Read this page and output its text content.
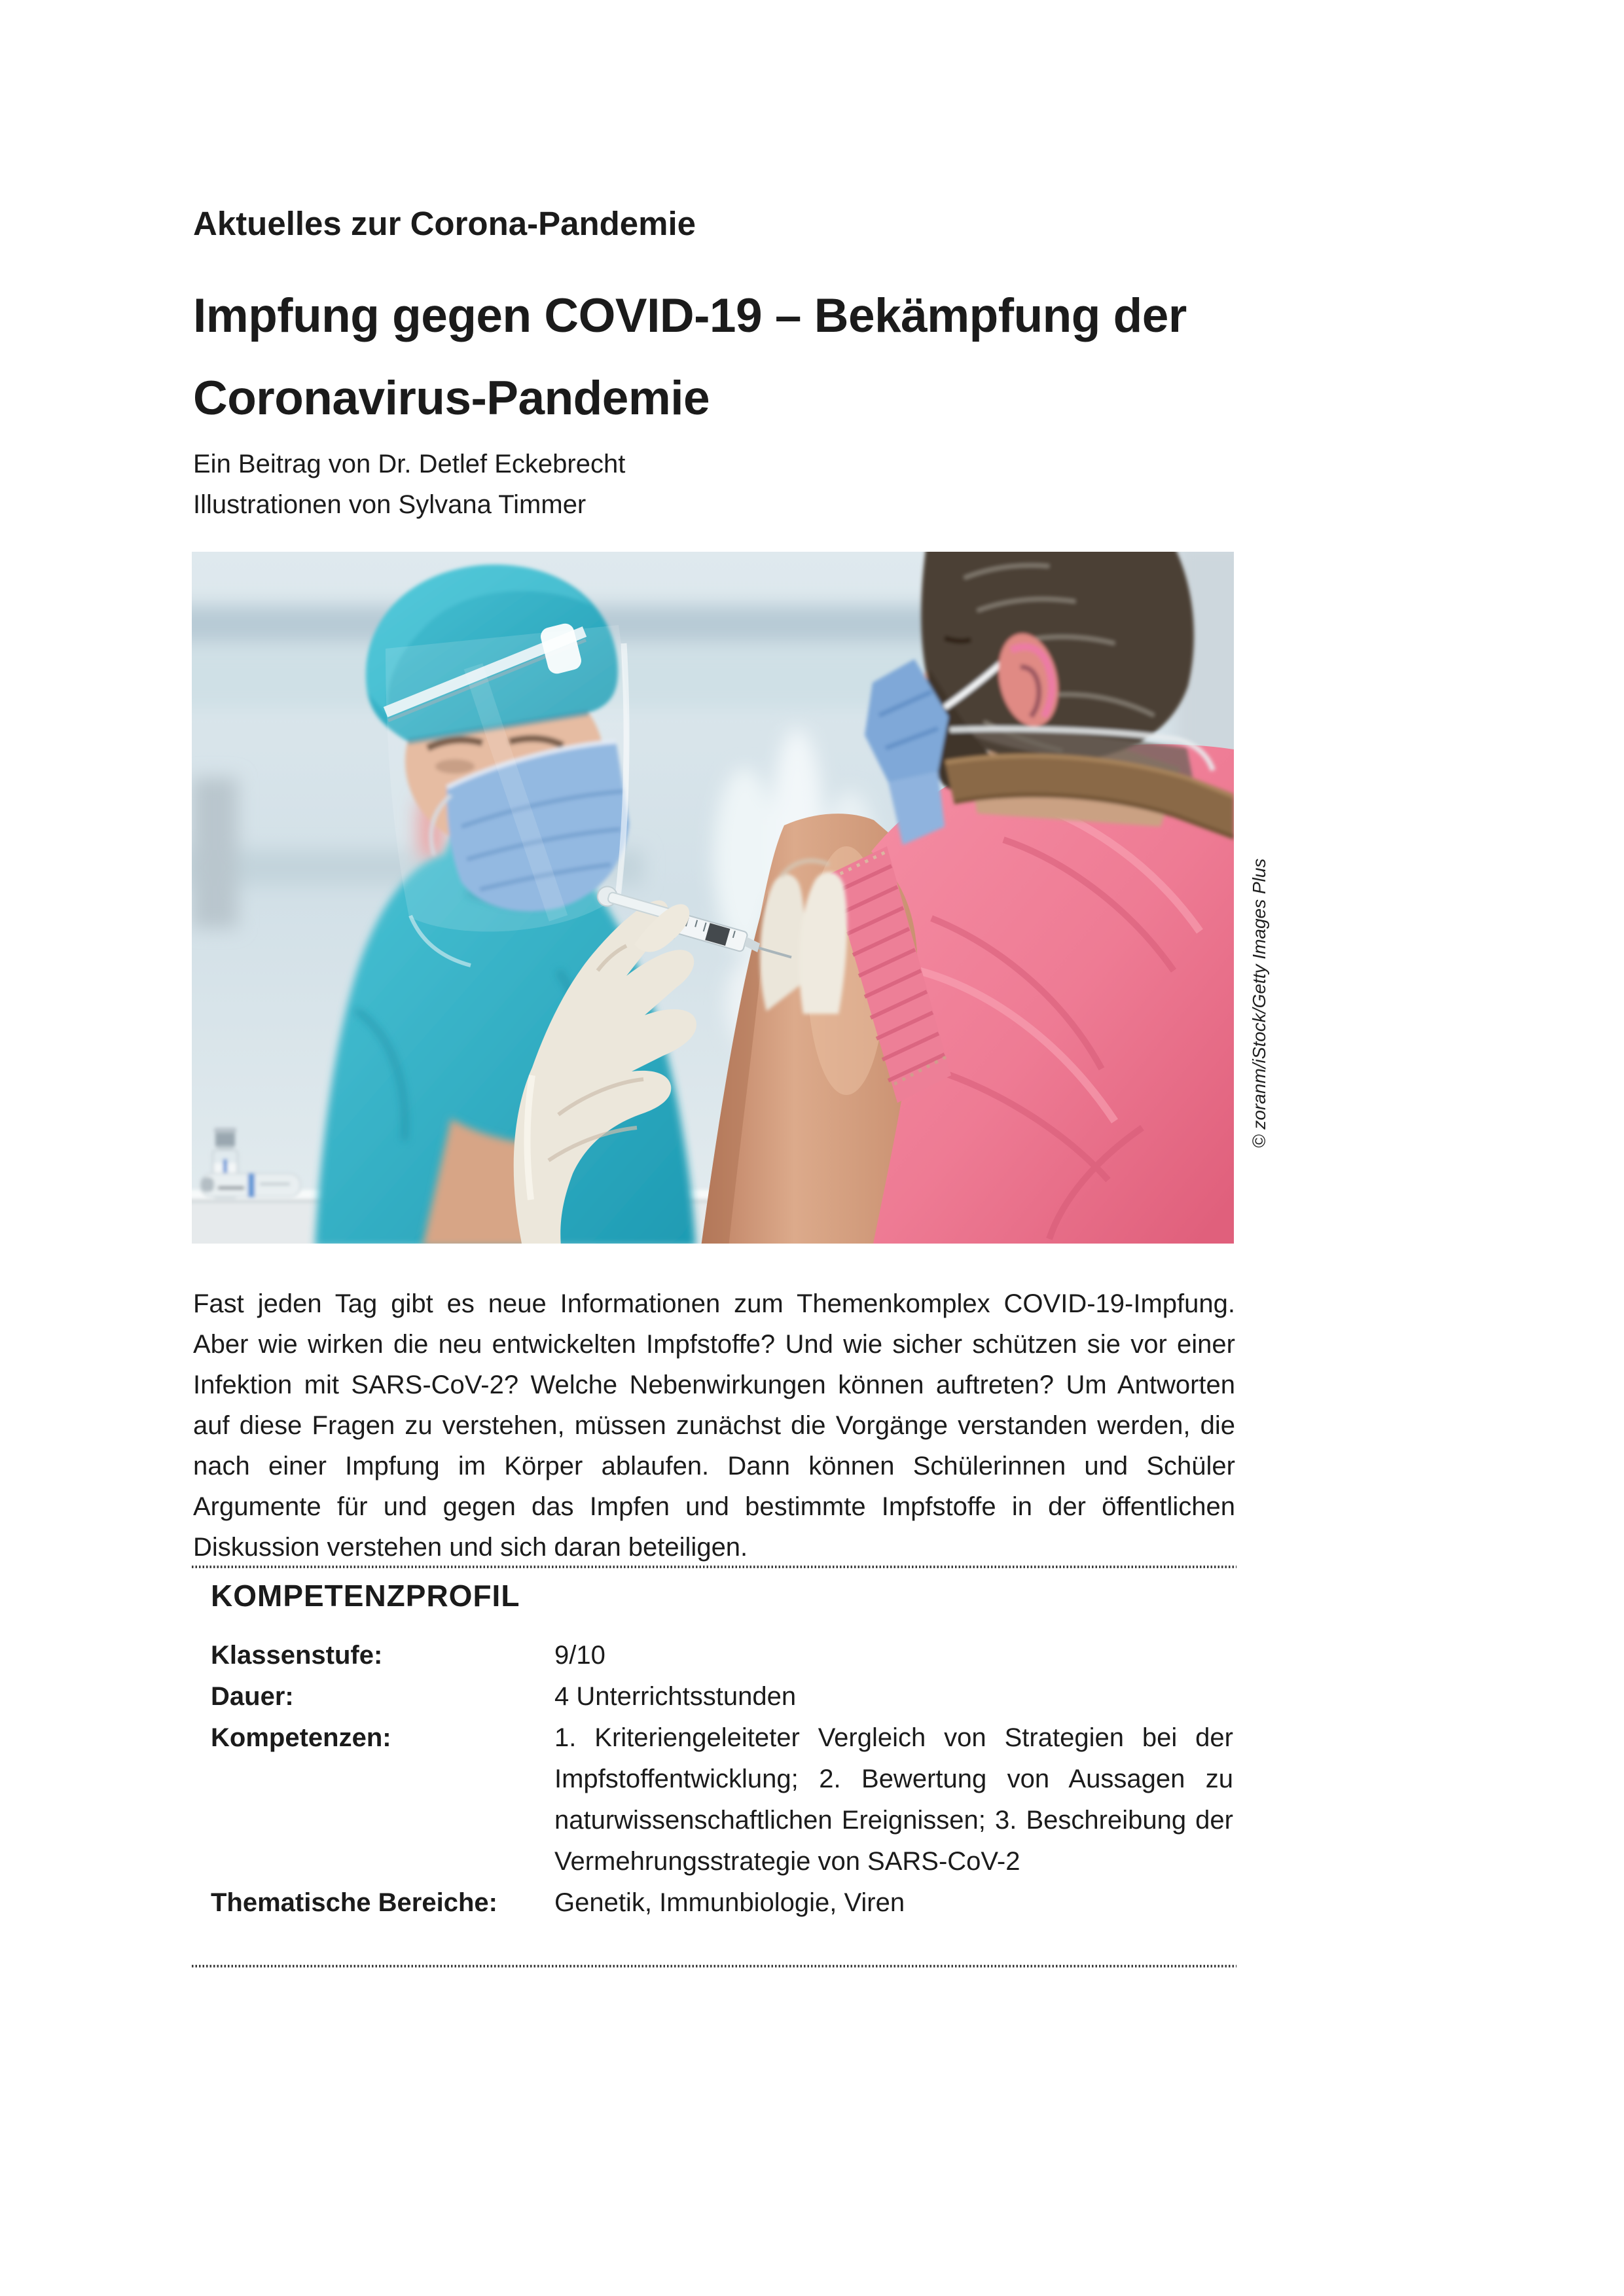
Aktuelles zur Corona-Pandemie
Impfung gegen COVID-19 – Bekämpfung der Coronavirus-Pandemie
Ein Beitrag von Dr. Detlef Eckebrecht
Illustrationen von Sylvana Timmer
© zoranm/iStock/Getty Images Plus

Fast jeden Tag gibt es neue Informationen zum Themenkomplex COVID-19-Impfung. Aber wie wirken die neu entwickelten Impfstoffe? Und wie sicher schützen sie vor einer Infektion mit SARS-CoV-2? Welche Nebenwirkungen können auftreten? Um Antworten auf diese Fragen zu verstehen, müssen zunächst die Vorgänge verstanden werden, die nach einer Impfung im Körper ablaufen. Dann können Schülerinnen und Schüler Argumente für und gegen das Impfen und bestimmte Impfstoffe in der öffentlichen Diskussion verstehen und sich daran beteiligen.

KOMPETENZPROFIL
Klassenstufe:	9/10
Dauer:	4 Unterrichtsstunden
Kompetenzen:	1. Kriteriengeleiteter Vergleich von Strategien bei der Impfstoffentwicklung; 2. Bewertung von Aussagen zu naturwissenschaftlichen Ereignissen; 3. Beschreibung der Vermehrungsstrategie von SARS-CoV-2
Thematische Bereiche:	Genetik, Immunbiologie, Viren
